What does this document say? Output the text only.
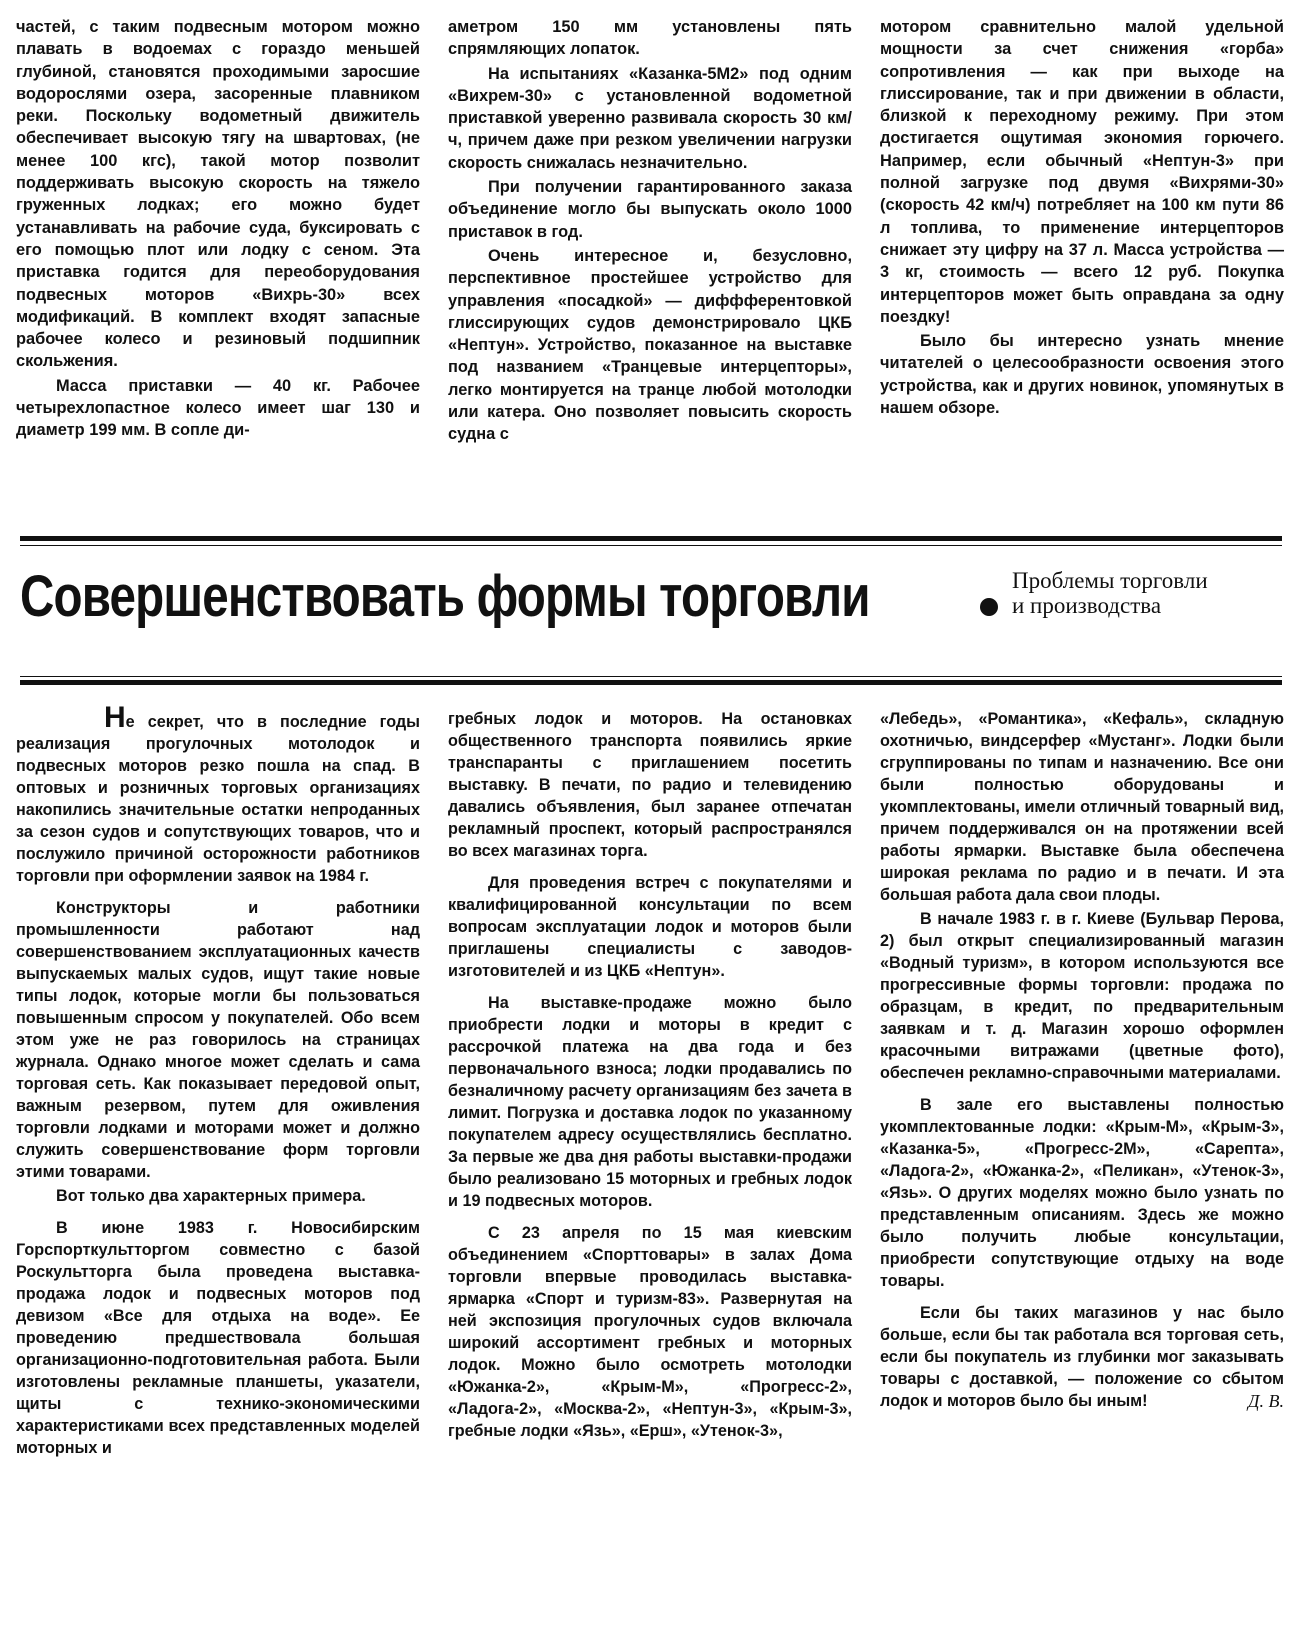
частей, с таким подвесным мотором можно плавать в водоемах с гораздо меньшей глубиной, становятся проходимыми заросшие водорослями озера, засоренные плавником реки. Поскольку водометный движитель обеспечивает высокую тягу на швартовах, (не менее 100 кгс), такой мотор позволит поддерживать высокую скорость на тяжело груженных лодках; его можно будет устанавливать на рабочие суда, буксировать с его помощью плот или лодку с сеном. Эта приставка годится для переоборудования подвесных моторов «Вихрь-30» всех модификаций. В комплект входят запасные рабочее колесо и резиновый подшипник скольжения.

Масса приставки — 40 кг. Рабочее четырехлопастное колесо имеет шаг 130 и диаметр 199 мм. В сопле ди-

аметром 150 мм установлены пять спрямляющих лопаток.

На испытаниях «Казанка-5М2» под одним «Вихрем-30» с установленной водометной приставкой уверенно развивала скорость 30 км/ч, причем даже при резком увеличении нагрузки скорость снижалась незначительно.

При получении гарантированного заказа объединение могло бы выпускать около 1000 приставок в год.

Очень интересное и, безусловно, перспективное простейшее устройство для управления «посадкой» — диффферентовкой глиссирующих судов демонстрировало ЦКБ «Нептун». Устройство, показанное на выставке под названием «Транцевые интерцепторы», легко монтируется на транце любой мотолодки или катера. Оно позволяет повысить скорость судна с

мотором сравнительно малой удельной мощности за счет снижения «горба» сопротивления — как при выходе на глиссирование, так и при движении в области, близкой к переходному режиму. При этом достигается ощутимая экономия горючего. Например, если обычный «Нептун-3» при полной загрузке под двумя «Вихрями-30» (скорость 42 км/ч) потребляет на 100 км пути 86 л топлива, то применение интерцепторов снижает эту цифру на 37 л. Масса устройства — 3 кг, стоимость — всего 12 руб. Покупка интерцепторов может быть оправдана за одну поездку!

Было бы интересно узнать мнение читателей о целесообразности освоения этого устройства, как и других новинок, упомянутых в нашем обзоре.

Совершенствовать формы торговли	Проблемы торговли
и производства

Не секрет, что в последние годы реализация прогулочных мотолодок и подвесных моторов резко пошла на спад. В оптовых и розничных торговых организациях накопились значительные остатки непроданных за сезон судов и сопутствующих товаров, что и послужило причиной осторожности работников торговли при оформлении заявок на 1984 г.

Конструкторы и работники промышленности работают над совершенствованием эксплуатационных качеств выпускаемых малых судов, ищут такие новые типы лодок, которые могли бы пользоваться повышенным спросом у покупателей. Обо всем этом уже не раз говорилось на страницах журнала. Однако многое может сделать и сама торговая сеть. Как показывает передовой опыт, важным резервом, путем для оживления торговли лодками и моторами может и должно служить совершенствование форм торговли этими товарами.

Вот только два характерных примера.

В июне 1983 г. Новосибирским Горспорткультторгом совместно с базой Роскультторга была проведена выставка-продажа лодок и подвесных моторов под девизом «Все для отдыха на воде». Ее проведению предшествовала большая организационно-подготовительная работа. Были изготовлены рекламные планшеты, указатели, щиты с технико-экономическими характеристиками всех представленных моделей моторных и

гребных лодок и моторов. На остановках общественного транспорта появились яркие транспаранты с приглашением посетить выставку. В печати, по радио и телевидению давались объявления, был заранее отпечатан рекламный проспект, который распространялся во всех магазинах торга.

Для проведения встреч с покупателями и квалифицированной консультации по всем вопросам эксплуатации лодок и моторов были приглашены специалисты с заводов-изготовителей и из ЦКБ «Нептун».

На выставке-продаже можно было приобрести лодки и моторы в кредит с рассрочкой платежа на два года и без первоначального взноса; лодки продавались по безналичному расчету организациям без зачета в лимит. Погрузка и доставка лодок по указанному покупателем адресу осуществлялись бесплатно. За первые же два дня работы выставки-продажи было реализовано 15 моторных и гребных лодок и 19 подвесных моторов.

С 23 апреля по 15 мая киевским объединением «Спорттовары» в залах Дома торговли впервые проводилась выставка-ярмарка «Спорт и туризм-83». Развернутая на ней экспозиция прогулочных судов включала широкий ассортимент гребных и моторных лодок. Можно было осмотреть мотолодки «Южанка-2», «Крым-М», «Прогресс-2», «Ладога-2», «Москва-2», «Нептун-3», «Крым-3», гребные лодки «Язь», «Ерш», «Утенок-3»,

«Лебедь», «Романтика», «Кефаль», складную охотничью, виндсерфер «Мустанг». Лодки были сгруппированы по типам и назначению. Все они были полностью оборудованы и укомплектованы, имели отличный товарный вид, причем поддерживался он на протяжении всей работы ярмарки. Выставке была обеспечена широкая реклама по радио и в печати. И эта большая работа дала свои плоды.

В начале 1983 г. в г. Киеве (Бульвар Перова, 2) был открыт специализированный магазин «Водный туризм», в котором используются все прогрессивные формы торговли: продажа по образцам, в кредит, по предварительным заявкам и т. д. Магазин хорошо оформлен красочными витражами (цветные фото), обеспечен рекламно-справочными материалами.

В зале его выставлены полностью укомплектованные лодки: «Крым-М», «Крым-3», «Казанка-5», «Прогресс-2М», «Сарепта», «Ладога-2», «Южанка-2», «Пеликан», «Утенок-3», «Язь». О других моделях можно было узнать по представленным описаниям. Здесь же можно было получить любые консультации, приобрести сопутствующие отдыху на воде товары.

Если бы таких магазинов у нас было больше, если бы так работала вся торговая сеть, если бы покупатель из глубинки мог заказывать товары с доставкой, — положение со сбытом лодок и моторов было бы иным!	Д. В.
